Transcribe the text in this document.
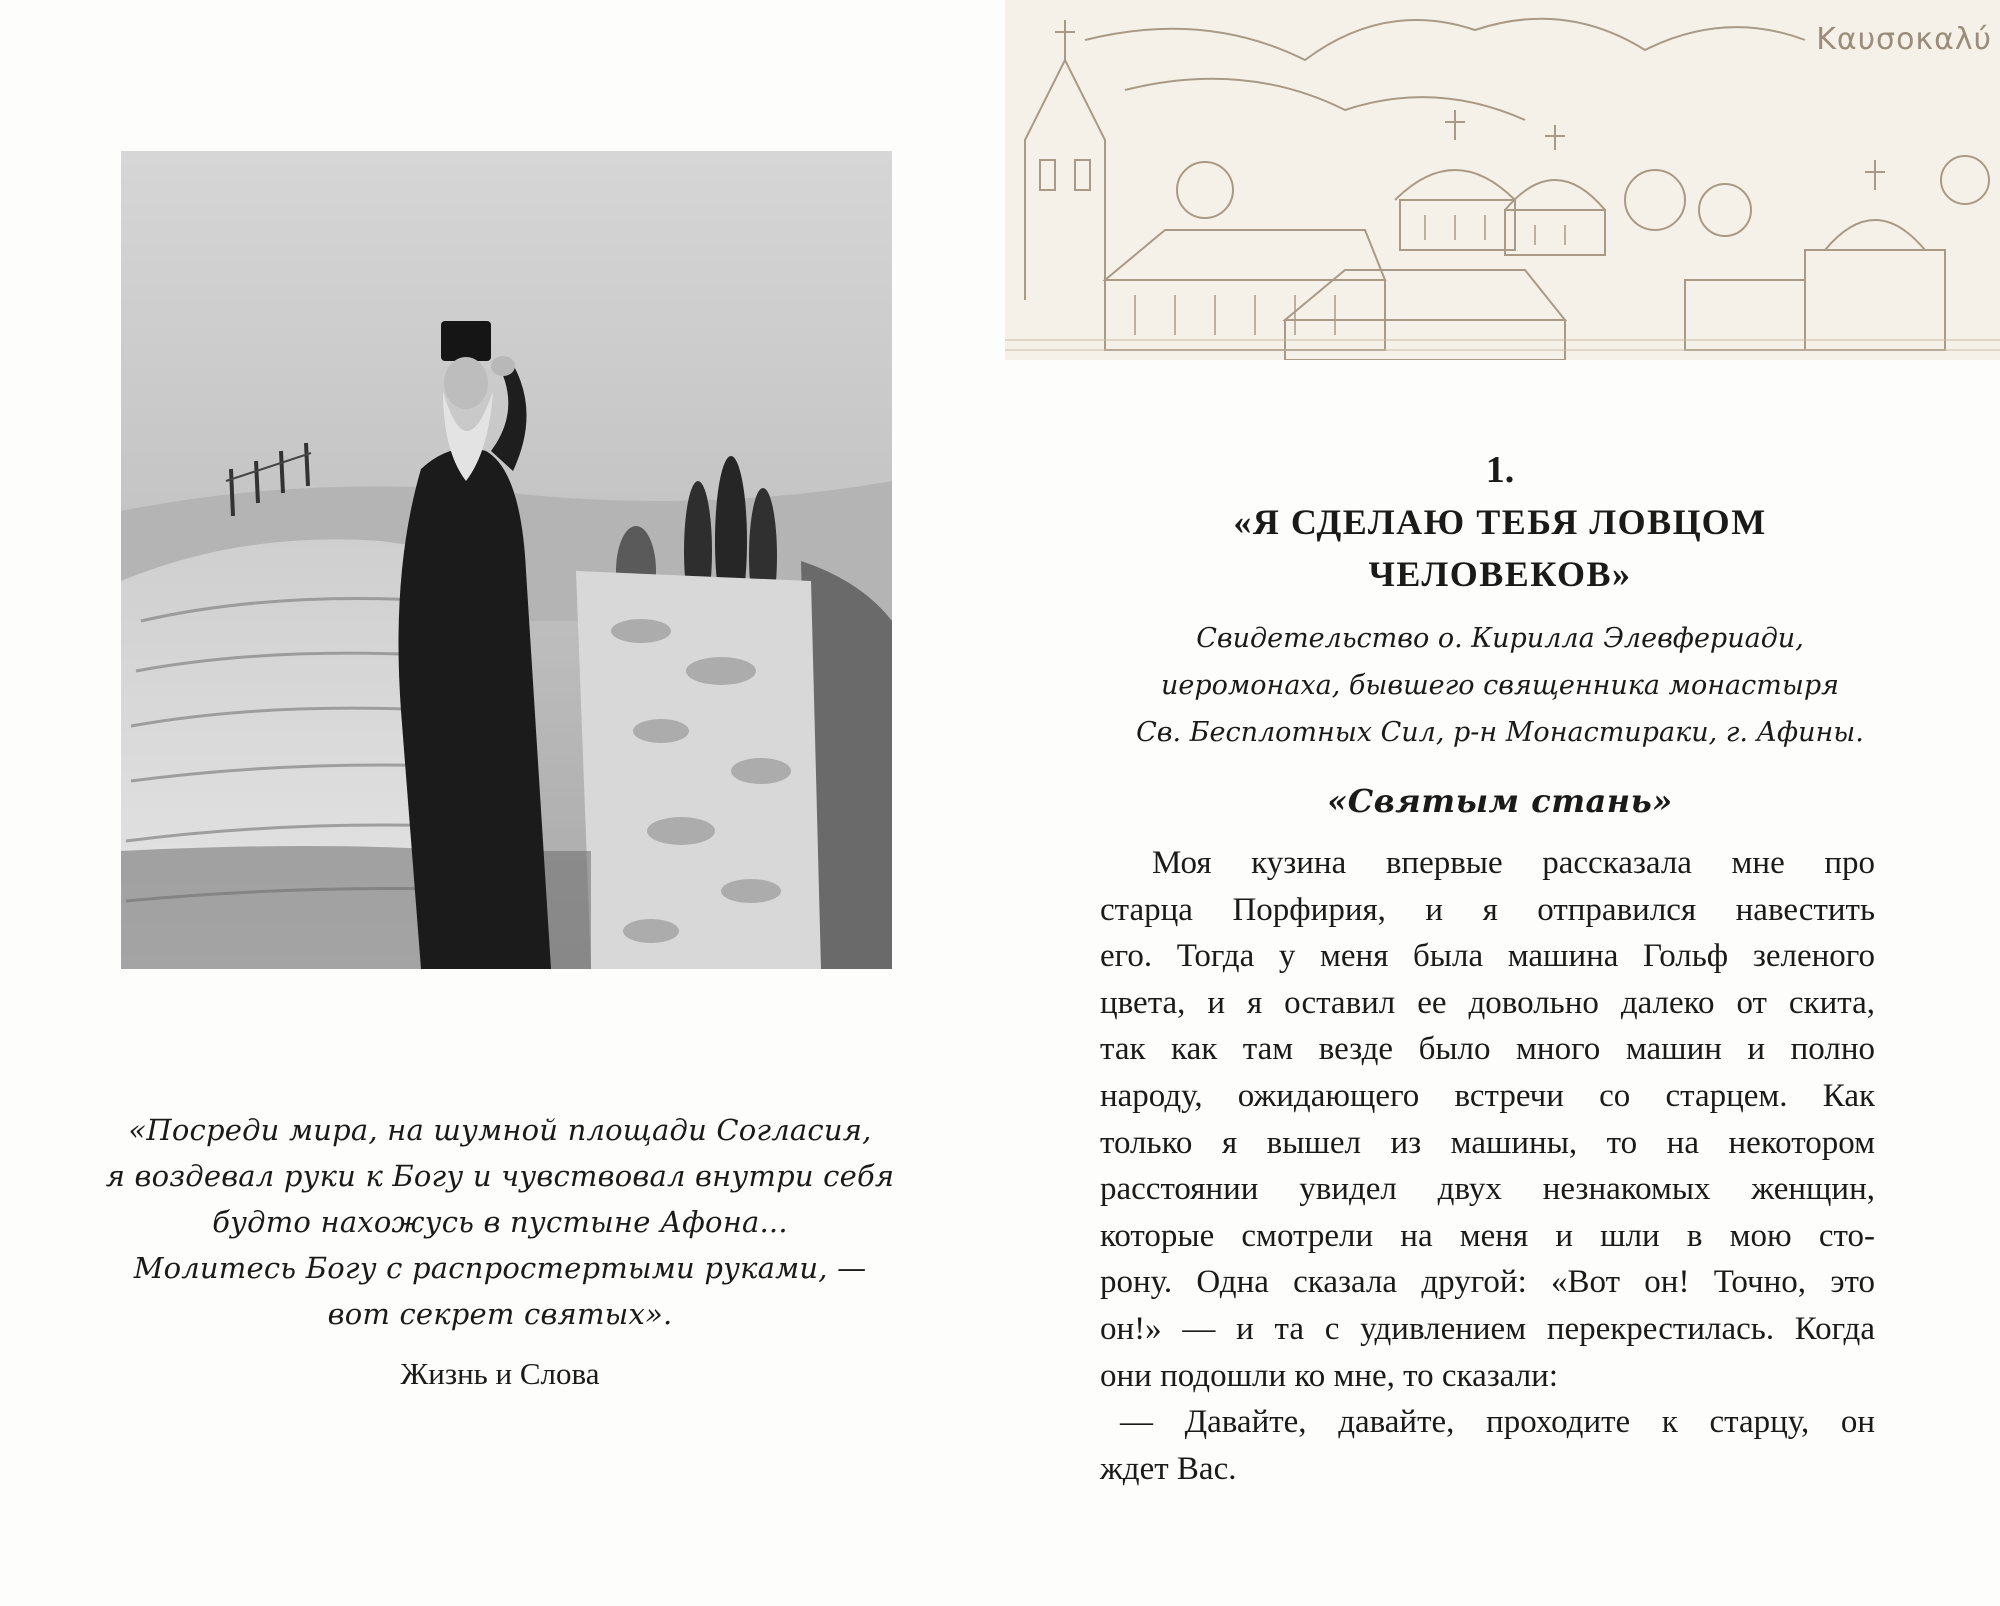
«Посреди мира, на шумной площади Согласия,
я воздевал руки к Богу и чувствовал внутри себя
будто нахожусь в пустыне Афона...
Молитесь Богу с распростертыми руками, —
вот секрет святых».
Жизнь и Слова
Καυσοκαλύ
1.
«Я СДЕЛАЮ ТЕБЯ ЛОВЦОМ
ЧЕЛОВЕКОВ»
Свидетельство о. Кирилла Элевфериади,
иеромонаха, бывшего священника монастыря
Св. Бесплотных Сил, р-н Монастираки, г. Афины.
«Святым стань»
Моя кузина впервые рассказала мне про
старца Порфирия, и я отправился навестить
его. Тогда у меня была машина Гольф зеленого
цвета, и я оставил ее довольно далеко от скита,
так как там везде было много машин и полно
народу, ожидающего встречи со старцем. Как
только я вышел из машины, то на некотором
расстоянии увидел двух незнакомых женщин,
которые смотрели на меня и шли в мою сто-
рону. Одна сказала другой: «Вот он! Точно, это
он!» — и та с удивлением перекрестилась. Когда
они подошли ко мне, то сказали:
— Давайте, давайте, проходите к старцу, он
ждет Вас.
